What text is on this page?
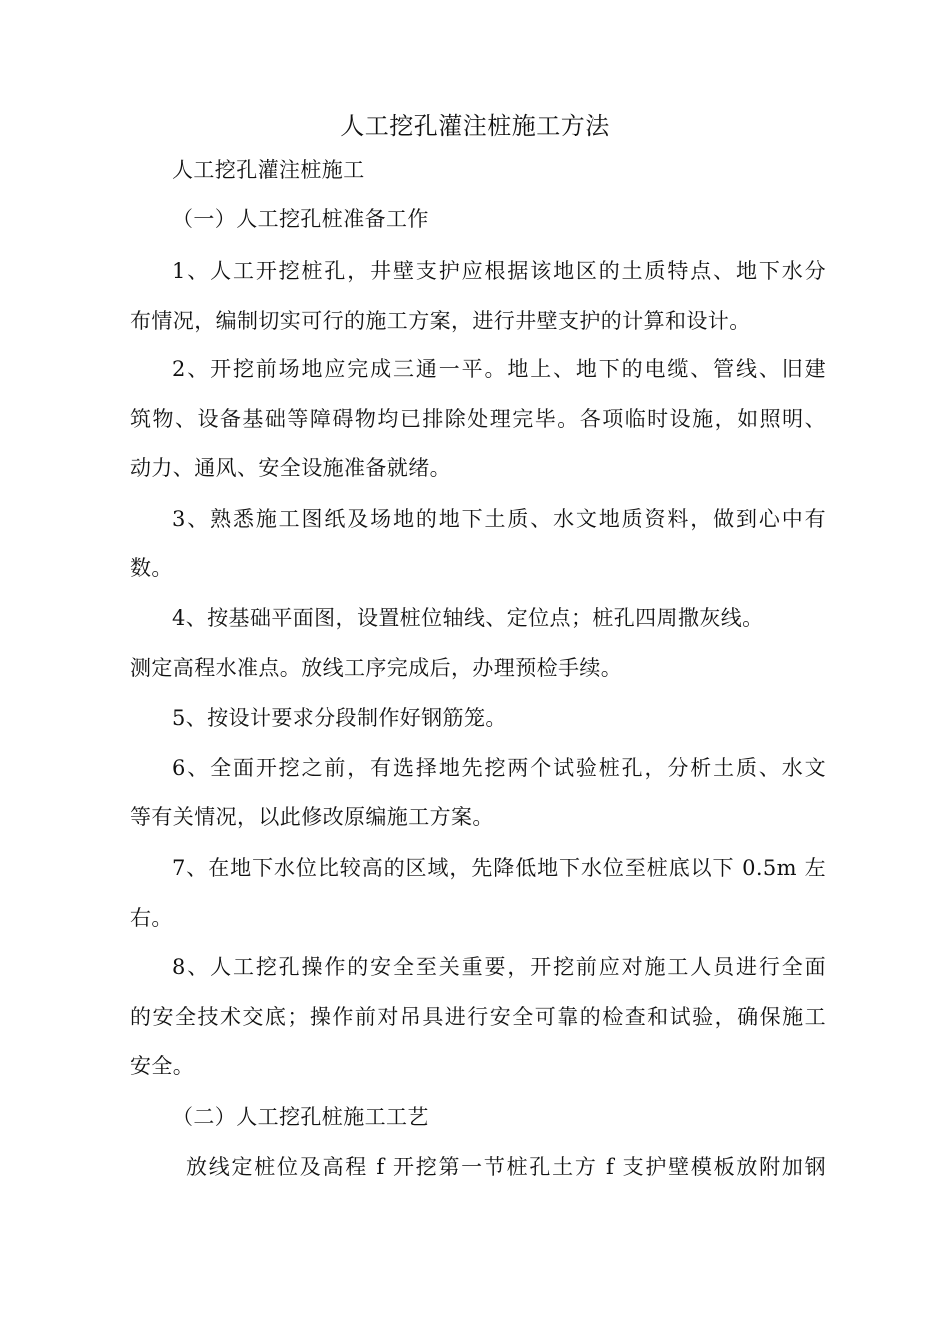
人工挖孔灌注桩施工方法
人工挖孔灌注桩施工
（一）人工挖孔桩准备工作
1、人工开挖桩孔，井壁支护应根据该地区的土质特点、地下水分
布情况，编制切实可行的施工方案，进行井壁支护的计算和设计。
2、开挖前场地应完成三通一平。地上、地下的电缆、管线、旧建
筑物、设备基础等障碍物均已排除处理完毕。各项临时设施，如照明、
动力、通风、安全设施准备就绪。
3、熟悉施工图纸及场地的地下土质、水文地质资料，做到心中有
数。
4、按基础平面图，设置桩位轴线、定位点；桩孔四周撒灰线。
测定高程水准点。放线工序完成后，办理预检手续。
5、按设计要求分段制作好钢筋笼。
6、全面开挖之前，有选择地先挖两个试验桩孔，分析土质、水文
等有关情况，以此修改原编施工方案。
7、在地下水位比较高的区域，先降低地下水位至桩底以下 0.5m 左
右。
8、人工挖孔操作的安全至关重要，开挖前应对施工人员进行全面
的安全技术交底；操作前对吊具进行安全可靠的检查和试验，确保施工
安全。
（二）人工挖孔桩施工工艺
放线定桩位及高程 f 开挖第一节桩孔土方 f 支护壁模板放附加钢
